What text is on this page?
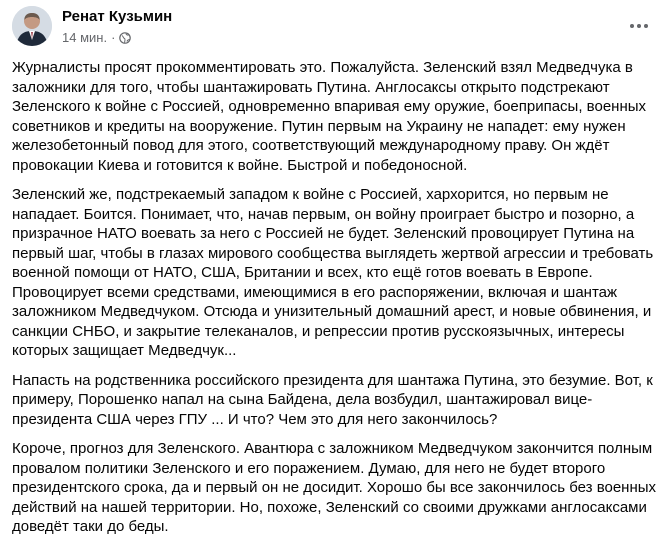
Ренат Кузьмин
14 мин. ·

Журналисты просят прокомментировать это. Пожалуйста. Зеленский взял Медведчука в
заложники для того, чтобы шантажировать Путина. Англосаксы открыто подстрекают
Зеленского к войне с Россией, одновременно впаривая ему оружие, боеприпасы, военных
советников и кредиты на вооружение. Путин первым на Украину не нападет: ему нужен
железобетонный повод для этого, соответствующий международному праву. Он ждёт
провокации Киева и готовится к войне. Быстрой и победоносной.

Зеленский же, подстрекаемый западом к войне с Россией, хархорится, но первым не
нападает. Боится. Понимает, что, начав первым, он войну проиграет быстро и позорно, а
призрачное НАТО воевать за него с Россией не будет. Зеленский провоцирует Путина на
первый шаг, чтобы в глазах мирового сообщества выглядеть жертвой агрессии и требовать
военной помощи от НАТО, США, Британии и всех, кто ещё готов воевать в Европе.
Провоцирует всеми средствами, имеющимися в его распоряжении, включая и шантаж
заложником Медведчуком. Отсюда и унизительный домашний арест, и новые обвинения, и
санкции СНБО, и закрытие телеканалов, и репрессии против русскоязычных, интересы
которых защищает Медведчук...

Напасть на родственника российского президента для шантажа Путина, это безумие. Вот, к
примеру, Порошенко напал на сына Байдена, дела возбудил, шантажировал вице-
президента США через ГПУ ... И что? Чем это для него закончилось?

Короче, прогноз для Зеленского. Авантюра с заложником Медведчуком закончится полным
провалом политики Зеленского и его поражением. Думаю, для него не будет второго
президентского срока, да и первый он не досидит. Хорошо бы все закончилось без военных
действий на нашей территории. Но, похоже, Зеленский со своими дружками англосаксами
доведёт таки до беды.
